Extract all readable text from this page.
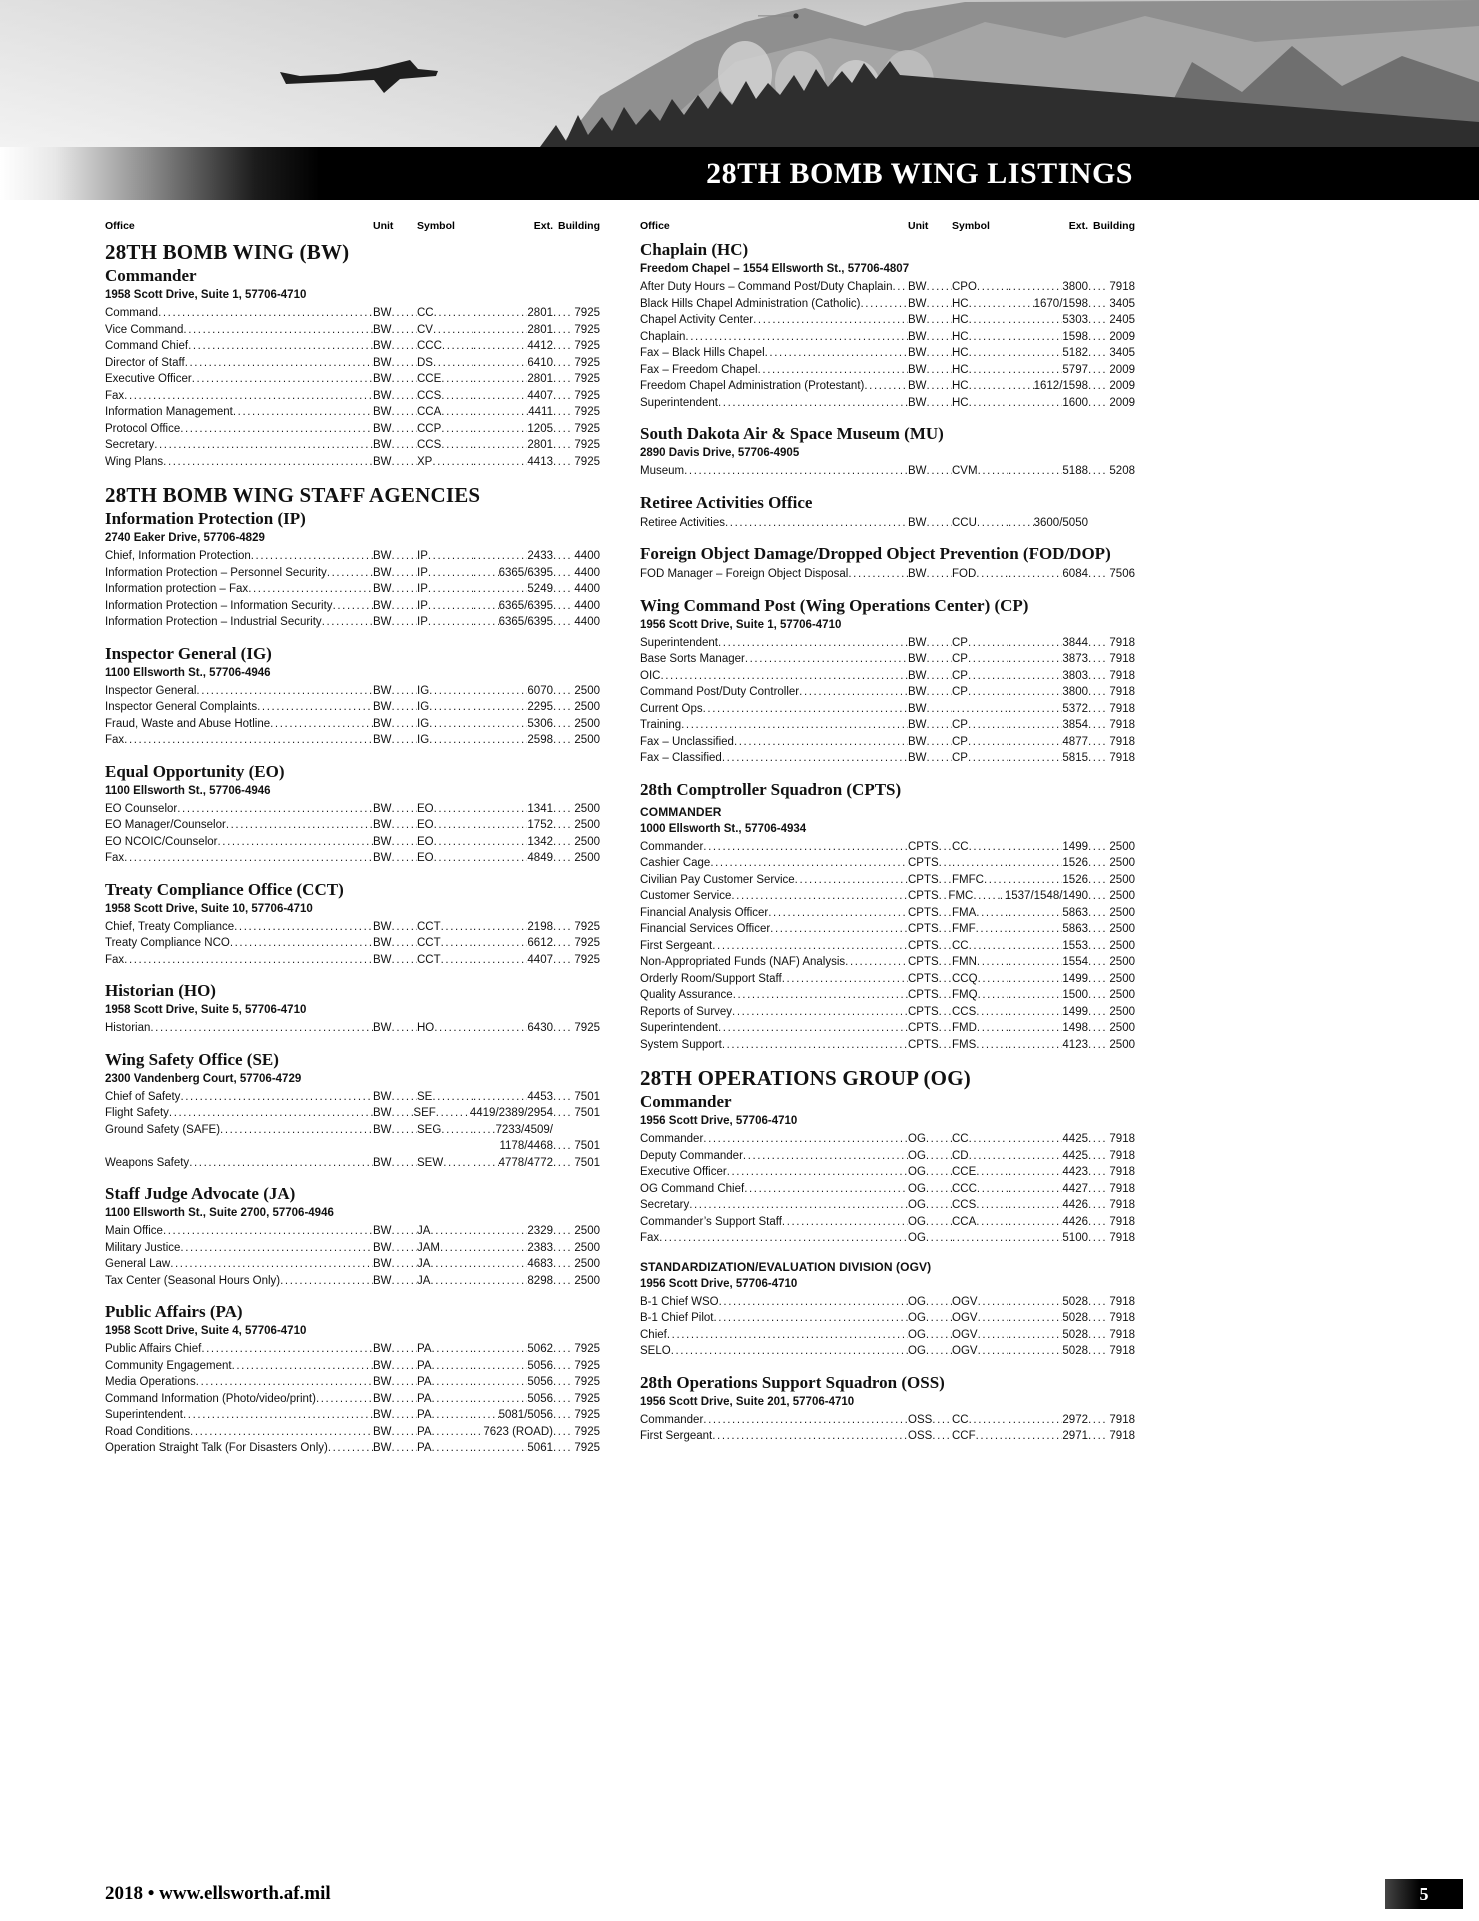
28TH BOMB WING LISTINGS
Office	Unit Symbol	Ext. Building
28TH BOMB WING (BW)
Commander
1958 Scott Drive, Suite 1, 57706-4710
Command .....	BW ..... CC ..... .....	2801 .....	7925
Vice Command .....	BW ..... CV ..... .....	2801 .....	7925
Command Chief .....	BW ..... CCC ..... .....	4412 .....	7925
Director of Staff .....	BW ..... DS ..... .....	6410 .....	7925
Executive Officer .....	BW ..... CCE ..... .....	2801 .....	7925
Fax .....	BW ..... CCS ..... .....	4407 .....	7925
Information Management .....	BW ..... CCA ..... .....	4411 .....	7925
Protocol Office .....	BW ..... CCP ..... .....	1205 .....	7925
Secretary .....	BW ..... CCS ..... .....	2801 .....	7925
Wing Plans .....	BW ..... XP ..... .....	4413 .....	7925
28TH BOMB WING STAFF AGENCIES
Information Protection (IP)
2740 Eaker Drive, 57706-4829
Chief, Information Protection .....	BW ..... IP ..... .....	2433 .....	4400
Information Protection – Personnel Security .....	BW ..... IP ..... .....	6365/6395 .....	4400
Information protection – Fax .....	BW ..... IP ..... .....	5249 .....	4400
Information Protection – Information Security .....	BW ..... IP ..... .....	6365/6395 .....	4400
Information Protection – Industrial Security .....	BW ..... IP ..... .....	6365/6395 .....	4400
Inspector General (IG)
1100 Ellsworth St., 57706-4946
Inspector General .....	BW ..... IG ..... .....	6070 .....	2500
Inspector General Complaints .....	BW ..... IG ..... .....	2295 .....	2500
Fraud, Waste and Abuse Hotline .....	BW ..... IG ..... .....	5306 .....	2500
Fax .....	BW ..... IG ..... .....	2598 .....	2500
Equal Opportunity (EO)
1100 Ellsworth St., 57706-4946
EO Counselor .....	BW ..... EO ..... .....	1341 .....	2500
EO Manager/Counselor .....	BW ..... EO ..... .....	1752 .....	2500
EO NCOIC/Counselor .....	BW ..... EO ..... .....	1342 .....	2500
Fax .....	BW ..... EO ..... .....	4849 .....	2500
Treaty Compliance Office (CCT)
1958 Scott Drive, Suite 10, 57706-4710
Chief, Treaty Compliance .....	BW ..... CCT ..... .....	2198 .....	7925
Treaty Compliance NCO .....	BW ..... CCT ..... .....	6612 .....	7925
Fax .....	BW ..... CCT ..... .....	4407 .....	7925
Historian (HO)
1958 Scott Drive, Suite 5, 57706-4710
Historian .....	BW ..... HO ..... .....	6430 .....	7925
Wing Safety Office (SE)
2300 Vandenberg Court, 57706-4729
Chief of Safety .....	BW ..... SE ..... .....	4453 .....	7501
Flight Safety .....	BW ..... SEF ..... .....	4419/2389/2954 .....	7501
Ground Safety (SAFE) .....	BW ..... SEG ..... .....	7233/4509/
1178/4468 .....	7501
Weapons Safety .....	BW ..... SEW ..... .....	4778/4772 .....	7501
Staff Judge Advocate (JA)
1100 Ellsworth St., Suite 2700, 57706-4946
Main Office .....	BW ..... JA ..... .....	2329 .....	2500
Military Justice .....	BW ..... JAM ..... .....	2383 .....	2500
General Law .....	BW ..... JA ..... .....	4683 .....	2500
Tax Center (Seasonal Hours Only) .....	BW ..... JA ..... .....	8298 .....	2500
Public Affairs (PA)
1958 Scott Drive, Suite 4, 57706-4710
Public Affairs Chief .....	BW ..... PA ..... .....	5062 .....	7925
Community Engagement .....	BW ..... PA ..... .....	5056 .....	7925
Media Operations .....	BW ..... PA ..... .....	5056 .....	7925
Command Information (Photo/video/print) .....	BW ..... PA ..... .....	5056 .....	7925
Superintendent .....	BW ..... PA ..... .....	5081/5056 .....	7925
Road Conditions .....	BW ..... PA ..... .....	7623 (ROAD) .....	7925
Operation Straight Talk (For Disasters Only) .....	BW ..... PA ..... .....	5061 .....	7925
Office	Unit Symbol	Ext. Building
Chaplain (HC)
Freedom Chapel – 1554 Ellsworth St., 57706-4807
After Duty Hours – Command Post/Duty Chaplain ..... BW ..... CPO ..... .....	3800 .....	7918
Black Hills Chapel Administration (Catholic) .....	BW ..... HC ..... .....	1670/1598 .....	3405
Chapel Activity Center .....	BW ..... HC ..... .....	5303 .....	2405
Chaplain .....	BW ..... HC ..... .....	1598 .....	2009
Fax – Black Hills Chapel .....	BW ..... HC ..... .....	5182 .....	3405
Fax – Freedom Chapel .....	BW ..... HC ..... .....	5797 .....	2009
Freedom Chapel Administration (Protestant) .....	BW ..... HC ..... .....	1612/1598 .....	2009
Superintendent .....	BW ..... HC ..... .....	1600 .....	2009
South Dakota Air & Space Museum (MU)
2890 Davis Drive, 57706-4905
Museum .....	BW ..... CVM ..... .....	5188 .....	5208
Retiree Activities Office
Retiree Activities .....	BW ..... CCU ..... .....	3600/5050
Foreign Object Damage/Dropped Object Prevention (FOD/DOP)
FOD Manager – Foreign Object Disposal .....	BW ..... FOD ..... .....	6084 .....	7506
Wing Command Post (Wing Operations Center) (CP)
1956 Scott Drive, Suite 1, 57706-4710
Superintendent .....	BW ..... CP ..... .....	3844 .....	7918
Base Sorts Manager .....	BW ..... CP ..... .....	3873 .....	7918
OIC .....	BW ..... CP ..... .....	3803 .....	7918
Command Post/Duty Controller .....	BW ..... CP ..... .....	3800 .....	7918
Current Ops .....	BW ..... ..... .....	5372 .....	7918
Training .....	BW ..... CP ..... .....	3854 .....	7918
Fax – Unclassified .....	BW ..... CP ..... .....	4877 .....	7918
Fax – Classified .....	BW ..... CP ..... .....	5815 .....	7918
28th Comptroller Squadron (CPTS)
COMMANDER
1000 Ellsworth St., 57706-4934
Commander .....	CPTS ..... CC ..... .....	1499 .....	2500
Cashier Cage .....	CPTS ..... ..... .....	1526 .....	2500
Civilian Pay Customer Service .....	CPTS ..... FMFC ..... .....	1526 .....	2500
Customer Service .....	CPTS ..... FMC ..... .....	1537/1548/1490 .....	2500
Financial Analysis Officer .....	CPTS ..... FMA ..... .....	5863 .....	2500
Financial Services Officer .....	CPTS ..... FMF ..... .....	5863 .....	2500
First Sergeant .....	CPTS ..... CC ..... .....	1553 .....	2500
Non-Appropriated Funds (NAF) Analysis .....	CPTS ..... FMN ..... .....	1554 .....	2500
Orderly Room/Support Staff .....	CPTS ..... CCQ ..... .....	1499 .....	2500
Quality Assurance .....	CPTS ..... FMQ ..... .....	1500 .....	2500
Reports of Survey .....	CPTS ..... CCS ..... .....	1499 .....	2500
Superintendent .....	CPTS ..... FMD ..... .....	1498 .....	2500
System Support .....	CPTS ..... FMS ..... .....	4123 .....	2500
28TH OPERATIONS GROUP (OG)
Commander
1956 Scott Drive, 57706-4710
Commander .....	OG ..... CC ..... .....	4425 .....	7918
Deputy Commander .....	OG ..... CD ..... .....	4425 .....	7918
Executive Officer .....	OG ..... CCE ..... .....	4423 .....	7918
OG Command Chief .....	OG ..... CCC ..... .....	4427 .....	7918
Secretary .....	OG ..... CCS ..... .....	4426 .....	7918
Commander’s Support Staff .....	OG ..... CCA ..... .....	4426 .....	7918
Fax .....	OG ..... ..... .....	5100 .....	7918
STANDARDIZATION/EVALUATION DIVISION (OGV)
1956 Scott Drive, 57706-4710
B-1 Chief WSO .....	OG ..... OGV ..... .....	5028 .....	7918
B-1 Chief Pilot .....	OG ..... OGV ..... .....	5028 .....	7918
Chief .....	OG ..... OGV ..... .....	5028 .....	7918
SELO .....	OG ..... OGV ..... .....	5028 .....	7918
28th Operations Support Squadron (OSS)
1956 Scott Drive, Suite 201, 57706-4710
Commander .....	OSS ..... CC ..... .....	2972 .....	7918
First Sergeant .....	OSS ..... CCF ..... .....	2971 .....	7918
2018 • www.ellsworth.af.mil	5
